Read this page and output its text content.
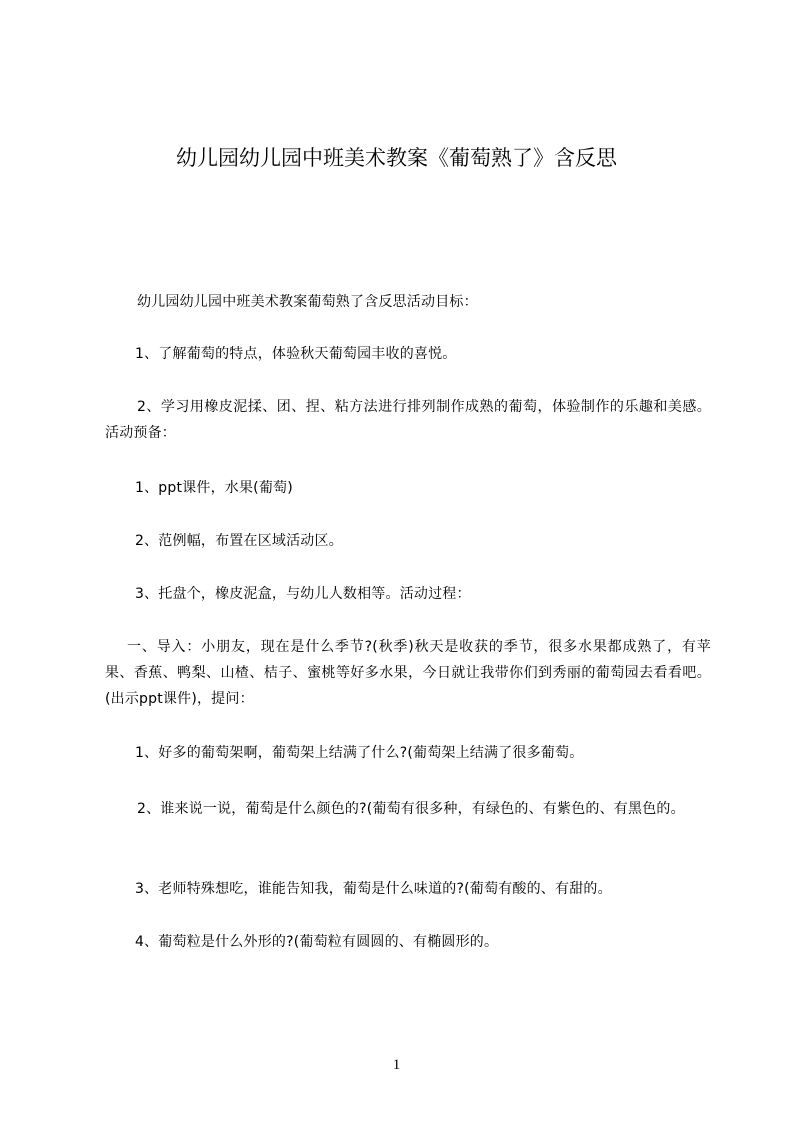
幼儿园幼儿园中班美术教案《葡萄熟了》含反思

幼儿园幼儿园中班美术教案葡萄熟了含反思活动目标：

1、了解葡萄的特点，体验秋天葡萄园丰收的喜悦。

2、学习用橡皮泥揉、团、捏、粘方法进行排列制作成熟的葡萄，体验制作的乐趣和美感。活动预备：

1、ppt课件，水果(葡萄)

2、范例幅，布置在区域活动区。

3、托盘个，橡皮泥盒，与幼儿人数相等。活动过程：

一、导入：小朋友，现在是什么季节?(秋季)秋天是收获的季节，很多水果都成熟了，有苹果、香蕉、鸭梨、山楂、桔子、蜜桃等好多水果，今日就让我带你们到秀丽的葡萄园去看看吧。(出示ppt课件)，提问：

1、好多的葡萄架啊，葡萄架上结满了什么?(葡萄架上结满了很多葡萄。

2、谁来说一说，葡萄是什么颜色的?(葡萄有很多种，有绿色的、有紫色的、有黑色的。

3、老师特殊想吃，谁能告知我，葡萄是什么味道的?(葡萄有酸的、有甜的。

4、葡萄粒是什么外形的?(葡萄粒有圆圆的、有椭圆形的。

1
